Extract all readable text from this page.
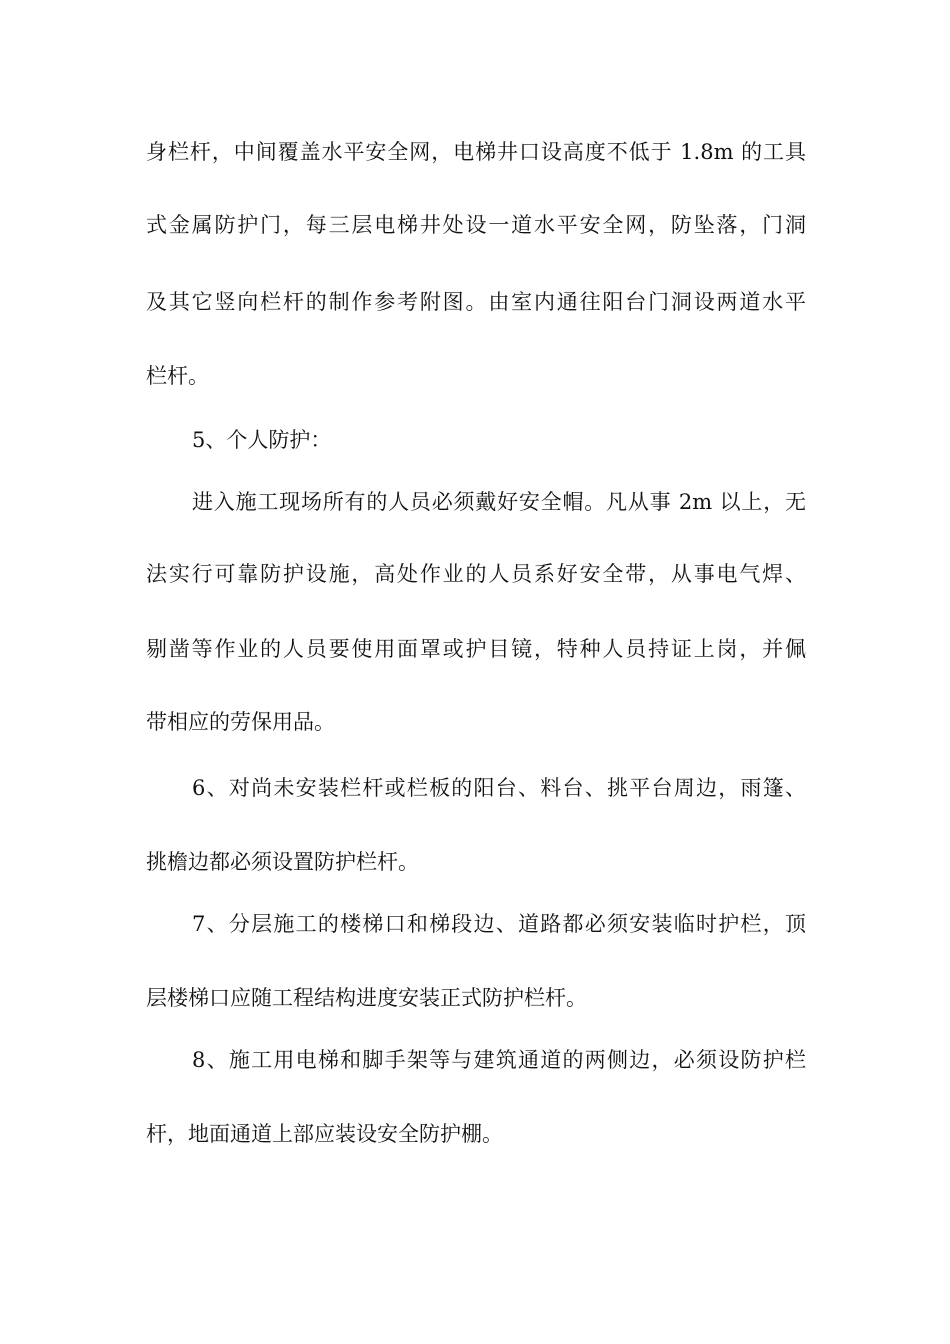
身栏杆，中间覆盖水平安全网，电梯井口设高度不低于 1.8m 的工具
式金属防护门，每三层电梯井处设一道水平安全网，防坠落，门洞
及其它竖向栏杆的制作参考附图。由室内通往阳台门洞设两道水平
栏杆。
5、个人防护：
进入施工现场所有的人员必须戴好安全帽。凡从事 2m 以上，无
法实行可靠防护设施，高处作业的人员系好安全带，从事电气焊、
剔凿等作业的人员要使用面罩或护目镜，特种人员持证上岗，并佩
带相应的劳保用品。
6、对尚未安装栏杆或栏板的阳台、料台、挑平台周边，雨篷、
挑檐边都必须设置防护栏杆。
7、分层施工的楼梯口和梯段边、道路都必须安装临时护栏，顶
层楼梯口应随工程结构进度安装正式防护栏杆。
8、施工用电梯和脚手架等与建筑通道的两侧边，必须设防护栏
杆，地面通道上部应装设安全防护棚。
